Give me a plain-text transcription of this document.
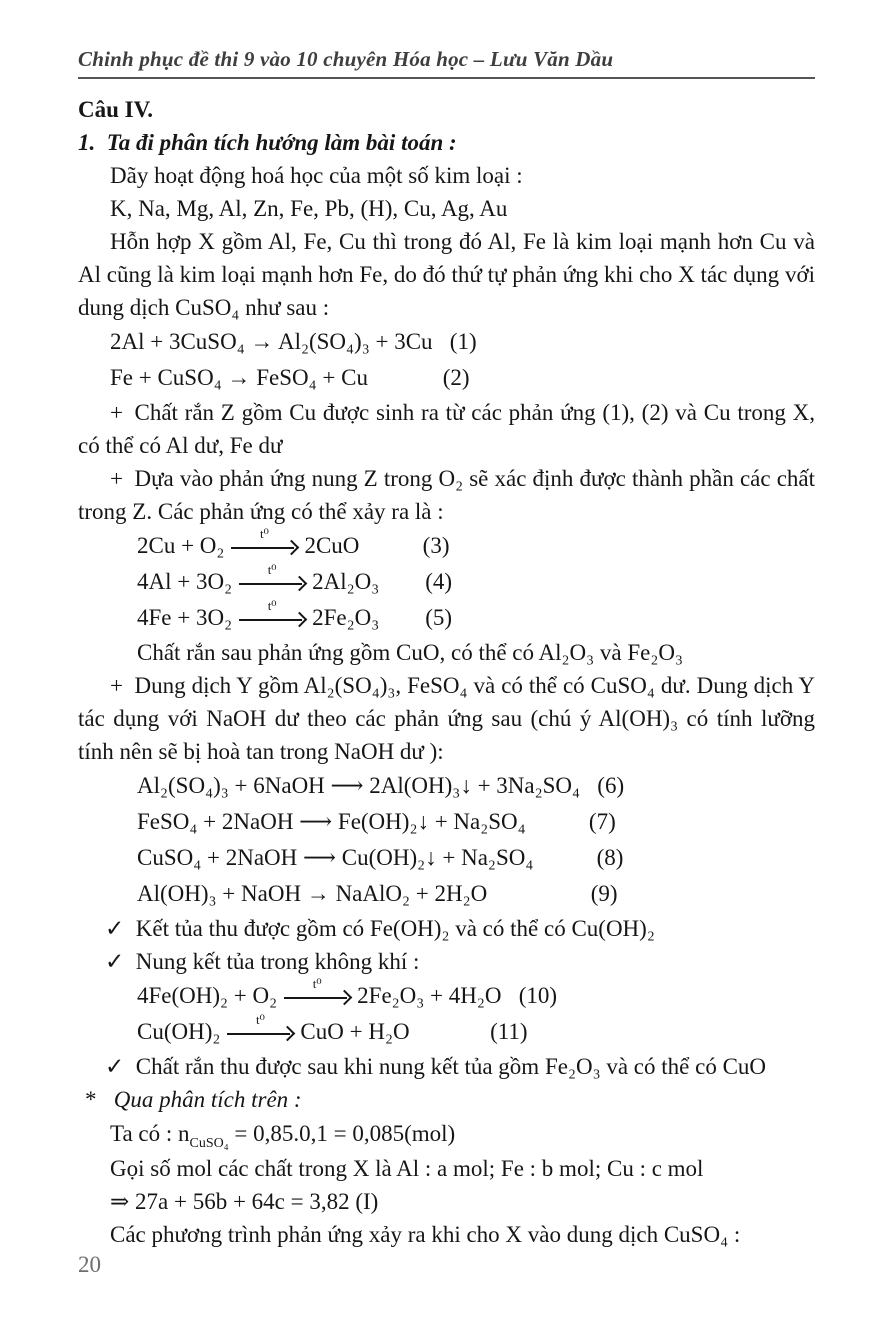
Chinh phục đề thi 9 vào 10 chuyên Hóa học – Lưu Văn Dầu
Câu IV.
1. Ta đi phân tích hướng làm bài toán :
Dãy hoạt động hoá học của một số kim loại :
K, Na, Mg, Al, Zn, Fe, Pb, (H), Cu, Ag, Au
Hỗn hợp X gồm Al, Fe, Cu thì trong đó Al, Fe là kim loại mạnh hơn Cu và Al cũng là kim loại mạnh hơn Fe, do đó thứ tự phản ứng khi cho X tác dụng với dung dịch CuSO₄ như sau :
2Al + 3CuSO₄ → Al₂(SO₄)₃ + 3Cu   (1)
Fe + CuSO₄ → FeSO₄ + Cu             (2)
+  Chất rắn Z gồm Cu được sinh ra từ các phản ứng (1), (2) và Cu trong X, có thể có Al dư, Fe dư
+  Dựa vào phản ứng nung Z trong O₂ sẽ xác định được thành phần các chất trong Z. Các phản ứng có thể xảy ra là :
2Cu + O₂	t⁰	2CuO           (3)
4Al + 3O₂	t⁰	2Al₂O₃        (4)
4Fe + 3O₂	t⁰	2Fe₂O₃        (5)
Chất rắn sau phản ứng gồm CuO, có thể có Al₂O₃ và Fe₂O₃
+  Dung dịch Y gồm Al₂(SO₄)₃, FeSO₄ và có thể có CuSO₄ dư. Dung dịch Y tác dụng với NaOH dư theo các phản ứng sau (chú ý Al(OH)₃ có tính lưỡng tính nên sẽ bị hoà tan trong NaOH dư ):
Al₂(SO₄)₃ + 6NaOH ⟶ 2Al(OH)₃↓ + 3Na₂SO₄   (6)
FeSO₄ + 2NaOH ⟶ Fe(OH)₂↓ + Na₂SO₄           (7)
CuSO₄ + 2NaOH ⟶ Cu(OH)₂↓ + Na₂SO₄           (8)
Al(OH)₃ + NaOH → NaAlO₂ + 2H₂O                  (9)
✓  Kết tủa thu được gồm có Fe(OH)₂ và có thể có Cu(OH)₂
✓  Nung kết tủa trong không khí :
4Fe(OH)₂ + O₂	t⁰	2Fe₂O₃ + 4H₂O   (10)
Cu(OH)₂	t⁰	CuO + H₂O              (11)
✓  Chất rắn thu được sau khi nung kết tủa gồm Fe₂O₃ và có thể có CuO
*  Qua phân tích trên :
Ta có : $n_{CuSO_4} = 0,85.0,1 = 0,085(mol)$
Gọi số mol các chất trong X là Al : a mol; Fe : b mol; Cu : c mol
⇒ 27a + 56b + 64c = 3,82 (I)
Các phương trình phản ứng xảy ra khi cho X vào dung dịch CuSO₄ :
20
